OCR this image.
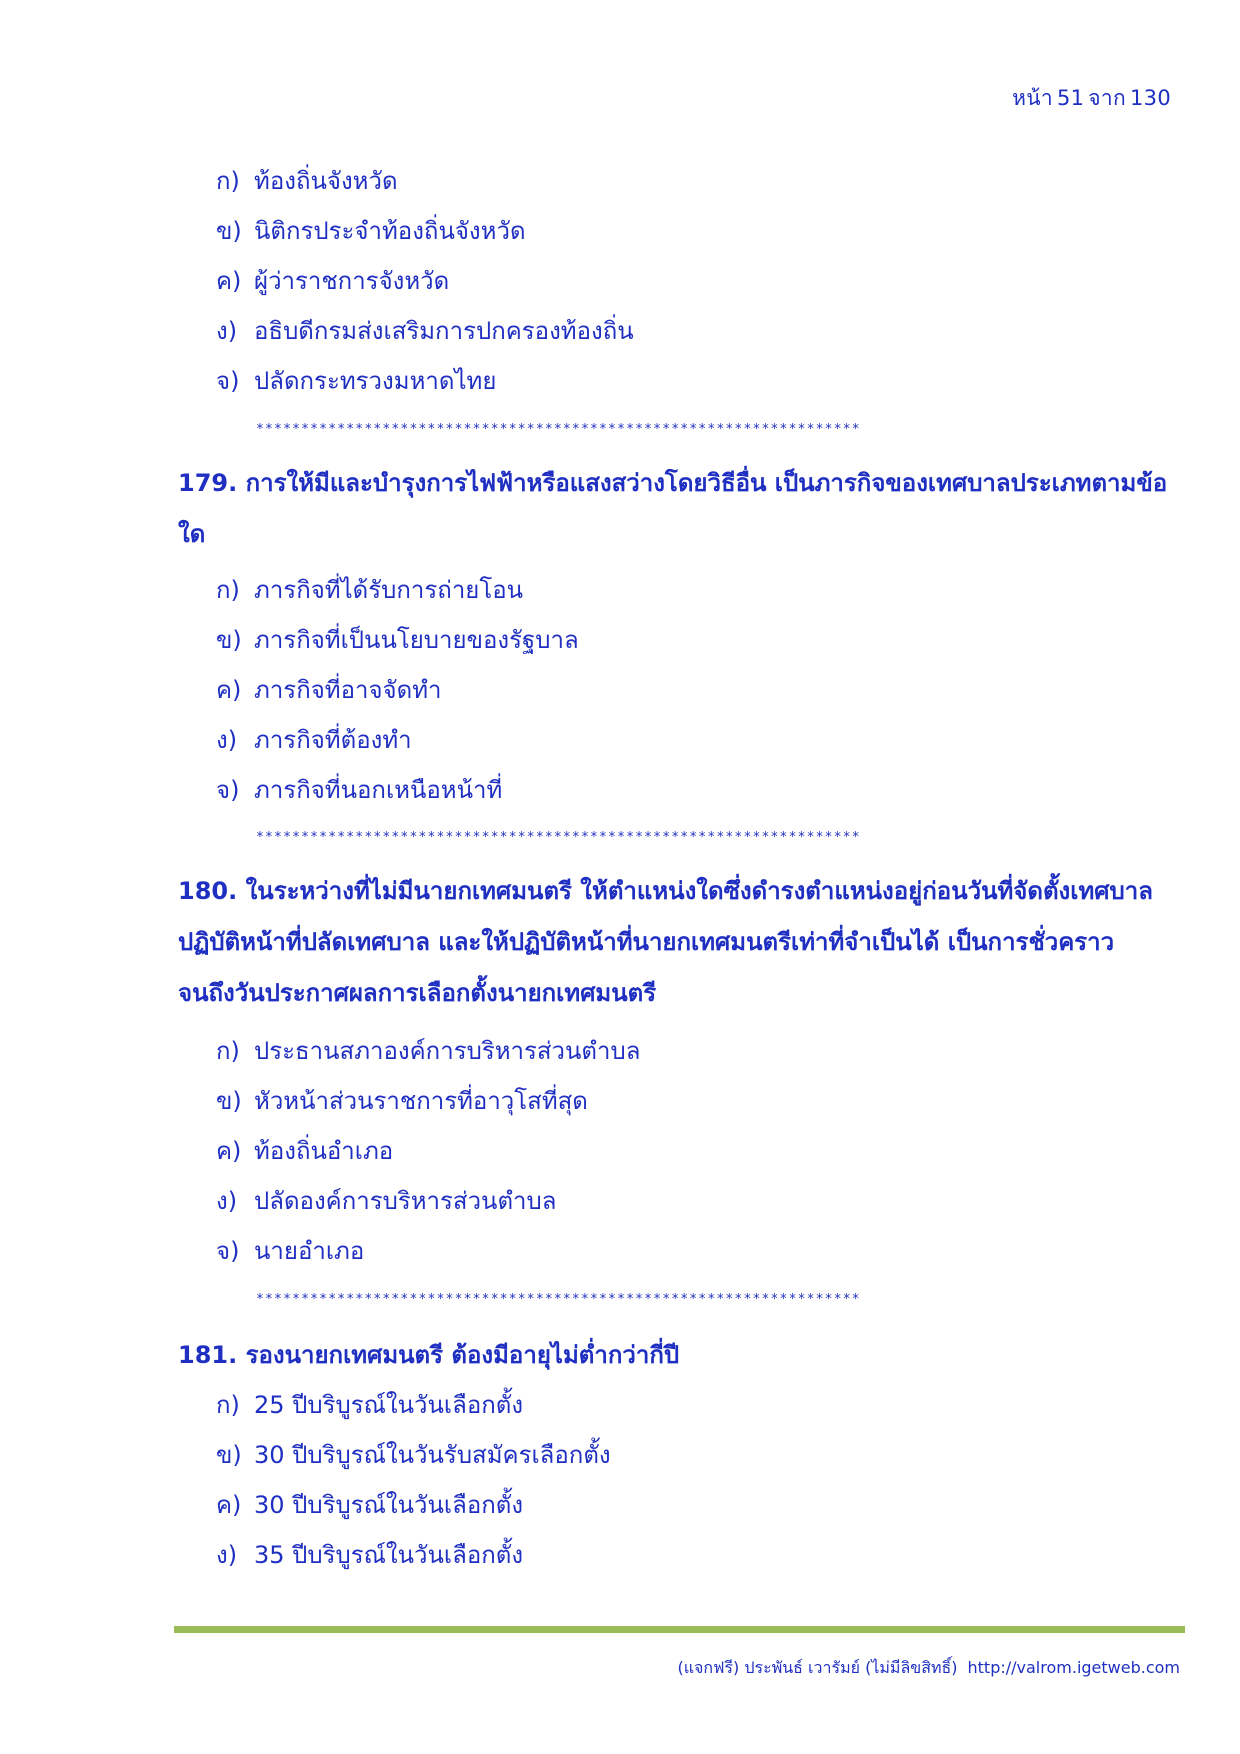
หน้า 51 จาก 130
ก) ท้องถิ่นจังหวัด
ข) นิติกรประจำท้องถิ่นจังหวัด
ค) ผู้ว่าราชการจังหวัด
ง) อธิบดีกรมส่งเสริมการปกครองท้องถิ่น
จ) ปลัดกระทรวงมหาดไทย
*******************************************************************
179. การให้มีและบำรุงการไฟฟ้าหรือแสงสว่างโดยวิธีอื่น เป็นภารกิจของเทศบาลประเภทตามข้อใด
ก) ภารกิจที่ได้รับการถ่ายโอน
ข) ภารกิจที่เป็นนโยบายของรัฐบาล
ค) ภารกิจที่อาจจัดทำ
ง) ภารกิจที่ต้องทำ
จ) ภารกิจที่นอกเหนือหน้าที่
*******************************************************************
180. ในระหว่างที่ไม่มีนายกเทศมนตรี ให้ตำแหน่งใดซึ่งดำรงตำแหน่งอยู่ก่อนวันที่จัดตั้งเทศบาลปฏิบัติหน้าที่ปลัดเทศบาล และให้ปฏิบัติหน้าที่นายกเทศมนตรีเท่าที่จำเป็นได้ เป็นการชั่วคราว จนถึงวันประกาศผลการเลือกตั้งนายกเทศมนตรี
ก) ประธานสภาองค์การบริหารส่วนตำบล
ข) หัวหน้าส่วนราชการที่อาวุโสที่สุด
ค) ท้องถิ่นอำเภอ
ง) ปลัดองค์การบริหารส่วนตำบล
จ) นายอำเภอ
*******************************************************************
181. รองนายกเทศมนตรี ต้องมีอายุไม่ต่ำกว่ากี่ปี
ก) 25 ปีบริบูรณ์ในวันเลือกตั้ง
ข) 30 ปีบริบูรณ์ในวันรับสมัครเลือกตั้ง
ค) 30 ปีบริบูรณ์ในวันเลือกตั้ง
ง) 35 ปีบริบูรณ์ในวันเลือกตั้ง
(แจกฟรี) ประพันธ์ เวารัมย์ (ไม่มีลิขสิทธิ์) http://valrom.igetweb.com
